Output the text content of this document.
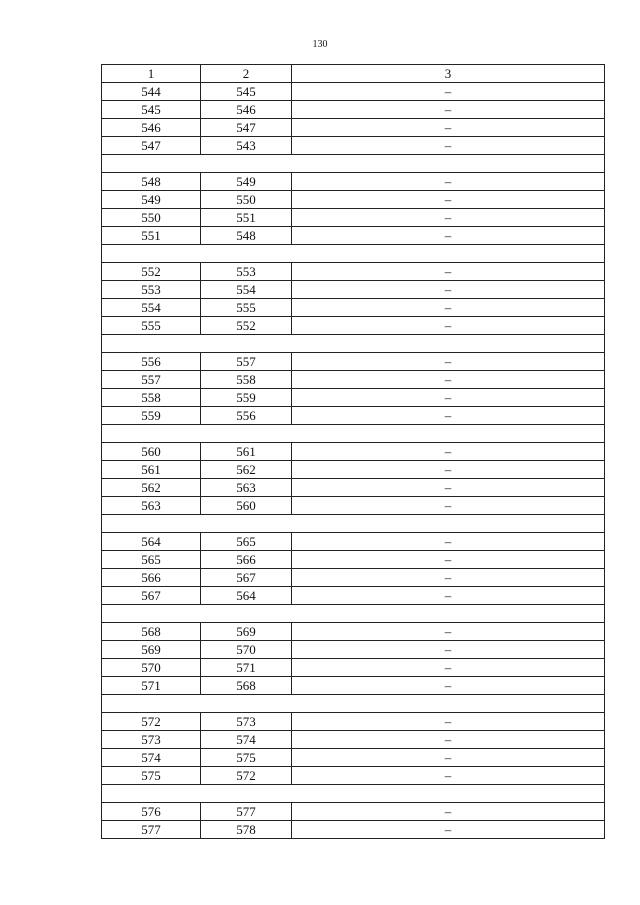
130
1	2	3
544	545	–
545	546	–
546	547	–
547	543	–

548	549	–
549	550	–
550	551	–
551	548	–

552	553	–
553	554	–
554	555	–
555	552	–

556	557	–
557	558	–
558	559	–
559	556	–

560	561	–
561	562	–
562	563	–
563	560	–

564	565	–
565	566	–
566	567	–
567	564	–

568	569	–
569	570	–
570	571	–
571	568	–

572	573	–
573	574	–
574	575	–
575	572	–

576	577	–
577	578	–
